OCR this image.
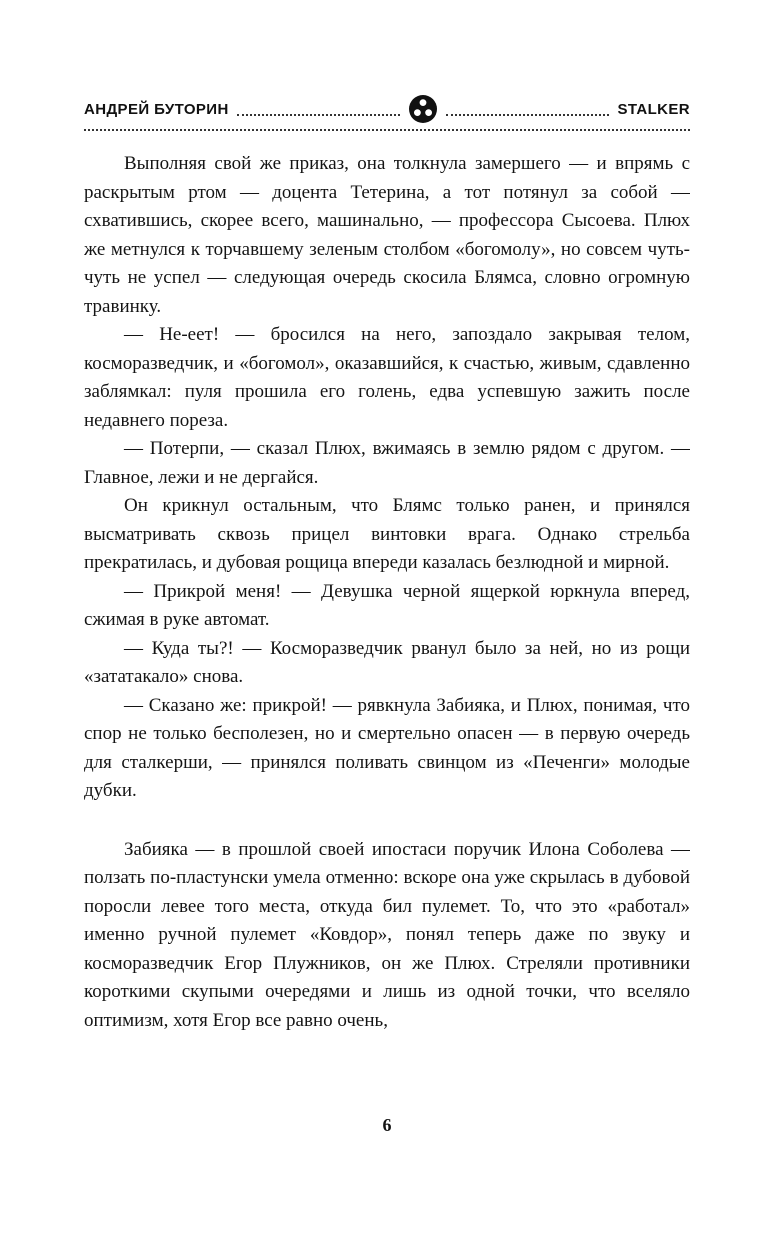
АНДРЕЙ БУТОРИН	STALKER

Выполняя свой же приказ, она толкнула замершего — и впрямь с раскрытым ртом — доцента Тетерина, а тот потянул за собой — схватившись, скорее всего, машинально, — профессора Сысоева. Плюх же метнулся к торчавшему зеленым столбом «богомолу», но совсем чуть-чуть не успел — следующая очередь скосила Блямса, словно огромную травинку.

— Не-еет! — бросился на него, запоздало закрывая телом, косморазведчик, и «богомол», оказавшийся, к счастью, живым, сдавленно заблямкал: пуля прошила его голень, едва успевшую зажить после недавнего пореза.

— Потерпи, — сказал Плюх, вжимаясь в землю рядом с другом. — Главное, лежи и не дергайся.

Он крикнул остальным, что Блямс только ранен, и принялся высматривать сквозь прицел винтовки врага. Однако стрельба прекратилась, и дубовая рощица впереди казалась безлюдной и мирной.

— Прикрой меня! — Девушка черной ящеркой юркнула вперед, сжимая в руке автомат.

— Куда ты?! — Косморазведчик рванул было за ней, но из рощи «зататакало» снова.

— Сказано же: прикрой! — рявкнула Забияка, и Плюх, понимая, что спор не только бесполезен, но и смертельно опасен — в первую очередь для сталкерши, — принялся поливать свинцом из «Печенги» молодые дубки.

Забияка — в прошлой своей ипостаси поручик Илона Соболева — ползать по-пластунски умела отменно: вскоре она уже скрылась в дубовой поросли левее того места, откуда бил пулемет. То, что это «работал» именно ручной пулемет «Ковдор», понял теперь даже по звуку и косморазведчик Егор Плужников, он же Плюх. Стреляли противники короткими скупыми очередями и лишь из одной точки, что вселяло оптимизм, хотя Егор все равно очень,

6
